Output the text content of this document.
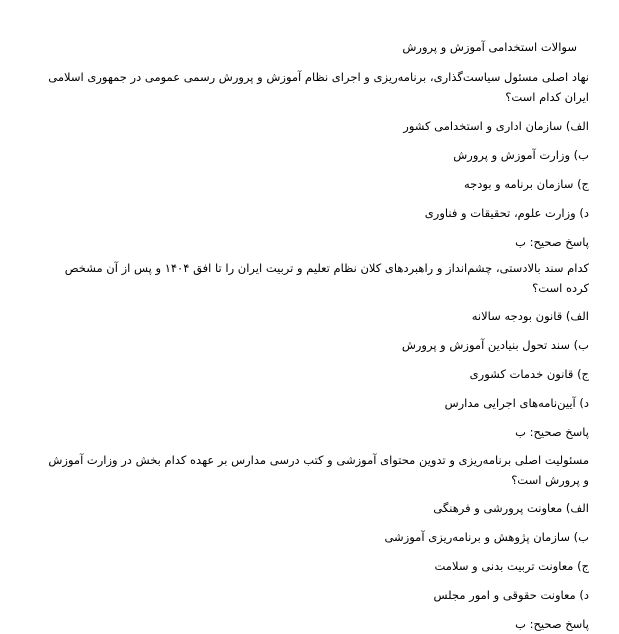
سوالات استخدامی آموزش و پرورش
نهاد اصلی مسئول سیاست‌گذاری، برنامه‌ریزی و اجرای نظام آموزش و پرورش رسمی عمومی در جمهوری اسلامی ایران کدام است؟
الف) سازمان اداری و استخدامی کشور
ب) وزارت آموزش و پرورش
ج) سازمان برنامه و بودجه
د) وزارت علوم، تحقیقات و فناوری
پاسخ صحیح: ب
کدام سند بالادستی، چشم‌انداز و راهبردهای کلان نظام تعلیم و تربیت ایران را تا افق ۱۴۰۴ و پس از آن مشخص کرده است؟
الف) قانون بودجه سالانه
ب) سند تحول بنیادین آموزش و پرورش
ج) قانون خدمات کشوری
د) آیین‌نامه‌های اجرایی مدارس
پاسخ صحیح: ب
مسئولیت اصلی برنامه‌ریزی و تدوین محتوای آموزشی و کتب درسی مدارس بر عهده کدام بخش در وزارت آموزش و پرورش است؟
الف) معاونت پرورشی و فرهنگی
ب) سازمان پژوهش و برنامه‌ریزی آموزشی
ج) معاونت تربیت بدنی و سلامت
د) معاونت حقوقی و امور مجلس
پاسخ صحیح: ب
